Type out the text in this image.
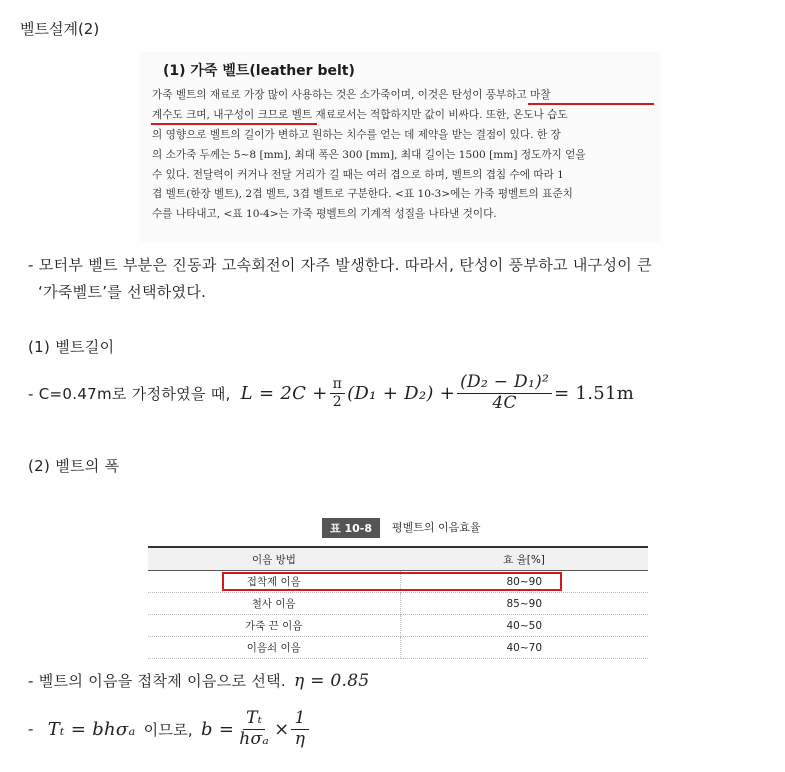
벨트설계(2)
(1) 가죽 벨트(leather belt)
가죽 벨트의 재료로 가장 많이 사용하는 것은 소가죽이며, 이것은 탄성이 풍부하고 마찰
계수도 크며, 내구성이 크므로 벨트 재료로서는 적합하지만 값이 비싸다. 또한, 온도나 습도
의 영향으로 벨트의 길이가 변하고 원하는 치수를 얻는 데 제약을 받는 결점이 있다. 한 장
의 소가죽 두께는 5~8 [mm], 최대 폭은 300 [mm], 최대 길이는 1500 [mm] 정도까지 얻을
수 있다. 전달력이 커거나 전달 거리가 길 때는 여러 겹으로 하며, 벨트의 겹침 수에 따라 1
겹 벨트(한장 벨트), 2겹 벨트, 3겹 벨트로 구분한다. <표 10-3>에는 가죽 평벨트의 표준치
수를 나타내고, <표 10-4>는 가죽 평벨트의 기계적 성질을 나타낸 것이다.
- 모터부 벨트 부분은 진동과 고속회전이 자주 발생한다. 따라서, 탄성이 풍부하고 내구성이 큰
‘가죽벨트’를 선택하였다.
(1) 벨트길이
- C=0.47m로 가정하였을 때, $L = 2C + \frac{\pi}{2} (D_1 + D_2) + \frac{\text{(D₂ − D₁)²}}{4C} = 1.51m$
(2) 벨트의 폭
표 10-8	평벨트의 이음효율
이음 방법	효 율[%]
접착제 이음	80~90
철사 이음	85~90
가죽 끈 이음	40~50
이음쇠 이음	40~70
- 벨트의 이음을 접착제 이음으로 선택. η = 0.85
- Tₜ = bhσₐ 이므로, $b = \frac{\text{Tₜ}}{\text{hσₐ}} \times \frac{1}{\eta}$
